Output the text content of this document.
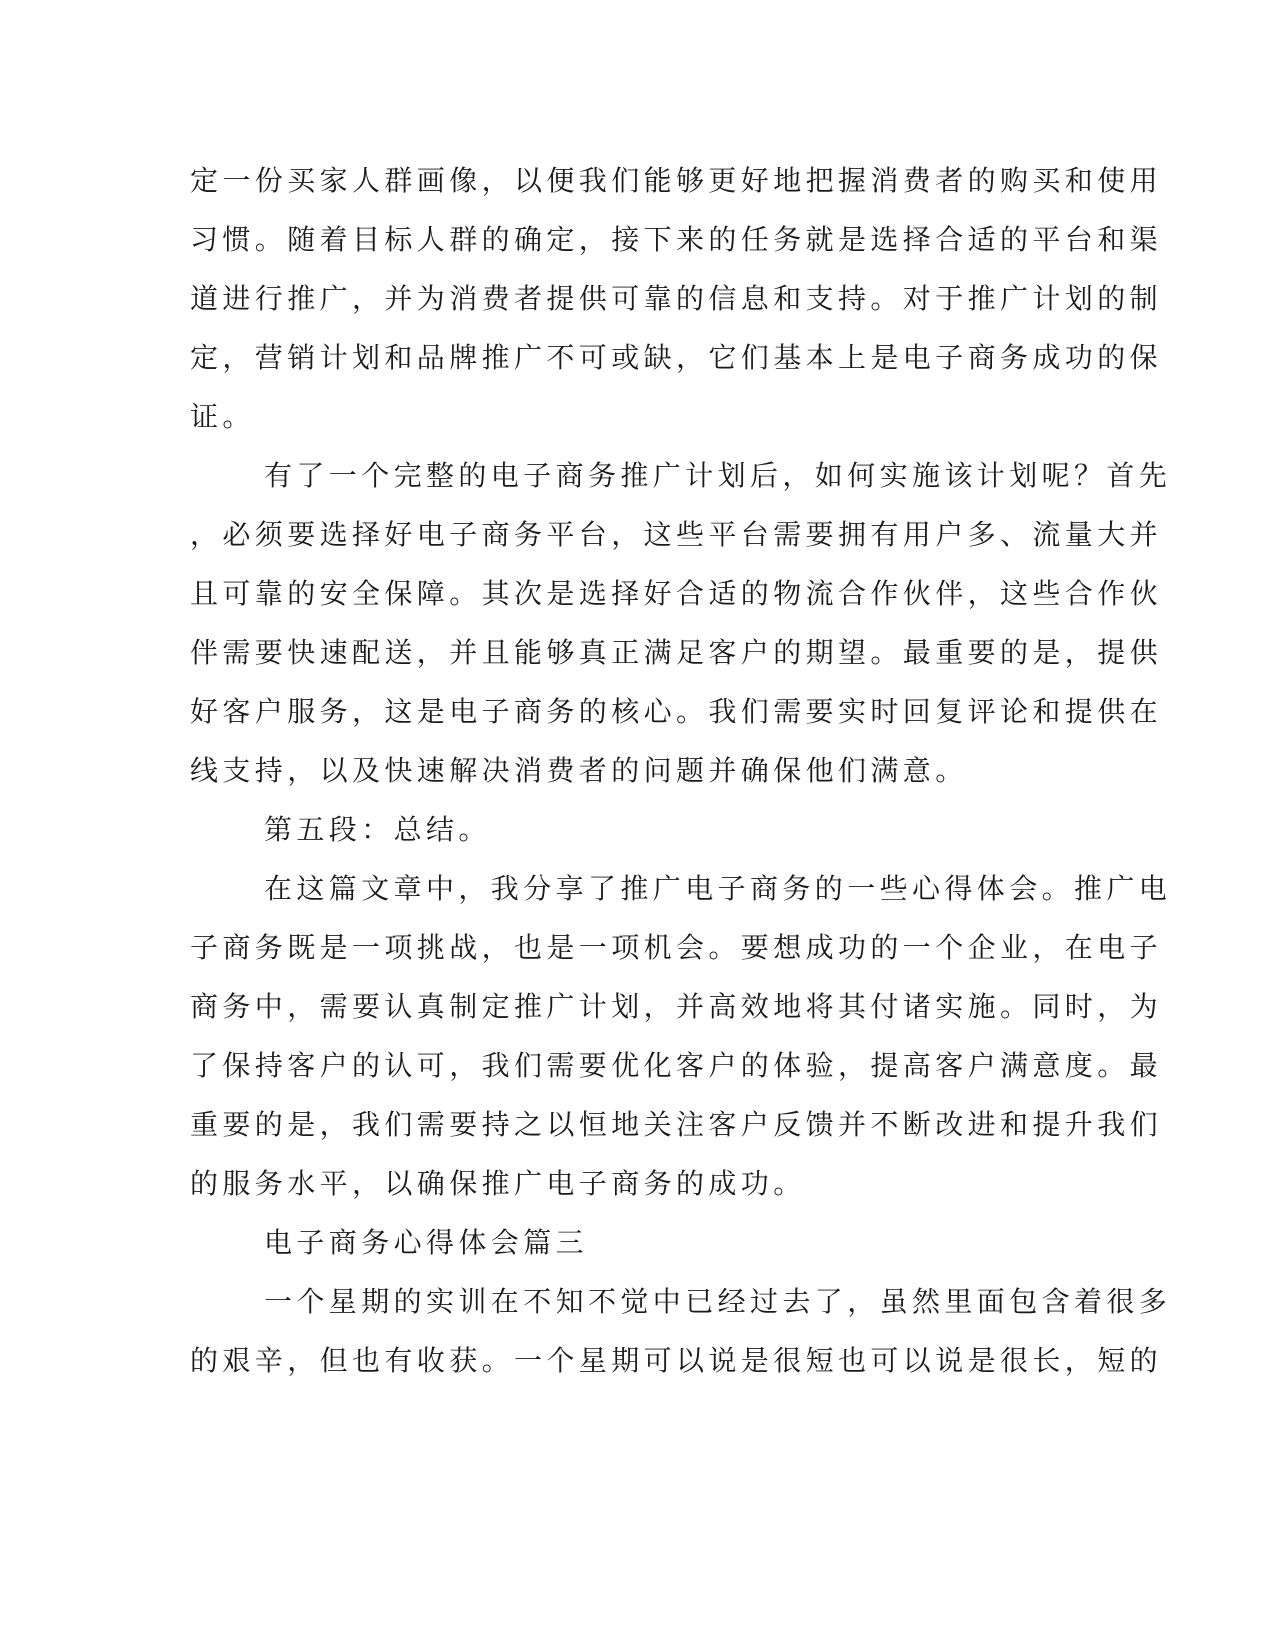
定一份买家人群画像，以便我们能够更好地把握消费者的购买和使用
习惯。随着目标人群的确定，接下来的任务就是选择合适的平台和渠
道进行推广，并为消费者提供可靠的信息和支持。对于推广计划的制
定，营销计划和品牌推广不可或缺，它们基本上是电子商务成功的保
证。
有了一个完整的电子商务推广计划后，如何实施该计划呢？首先
，必须要选择好电子商务平台，这些平台需要拥有用户多、流量大并
且可靠的安全保障。其次是选择好合适的物流合作伙伴，这些合作伙
伴需要快速配送，并且能够真正满足客户的期望。最重要的是，提供
好客户服务，这是电子商务的核心。我们需要实时回复评论和提供在
线支持，以及快速解决消费者的问题并确保他们满意。
第五段：总结。
在这篇文章中，我分享了推广电子商务的一些心得体会。推广电
子商务既是一项挑战，也是一项机会。要想成功的一个企业，在电子
商务中，需要认真制定推广计划，并高效地将其付诸实施。同时，为
了保持客户的认可，我们需要优化客户的体验，提高客户满意度。最
重要的是，我们需要持之以恒地关注客户反馈并不断改进和提升我们
的服务水平，以确保推广电子商务的成功。
电子商务心得体会篇三
一个星期的实训在不知不觉中已经过去了，虽然里面包含着很多
的艰辛，但也有收获。一个星期可以说是很短也可以说是很长，短的
